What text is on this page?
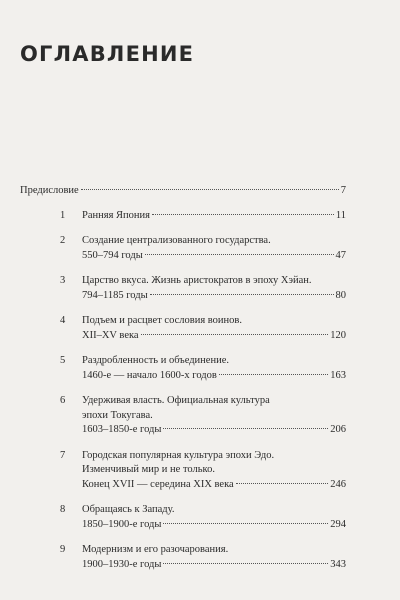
ОГЛАВЛЕНИЕ
Предисловие	7
1	Ранняя Япония	11
2	Создание централизованного государства.
550–794 годы	47
3	Царство вкуса. Жизнь аристократов в эпоху Хэйан.
794–1185 годы	80
4	Подъем и расцвет сословия воинов.
XII–XV века	120
5	Раздробленность и объединение.
1460-е — начало 1600-х годов	163
6	Удерживая власть. Официальная культура
эпохи Токугава.
1603–1850-е годы	206
7	Городская популярная культура эпохи Эдо.
Изменчивый мир и не только.
Конец XVII — середина XIX века	246
8	Обращаясь к Западу.
1850–1900-е годы	294
9	Модернизм и его разочарования.
1900–1930-е годы	343
